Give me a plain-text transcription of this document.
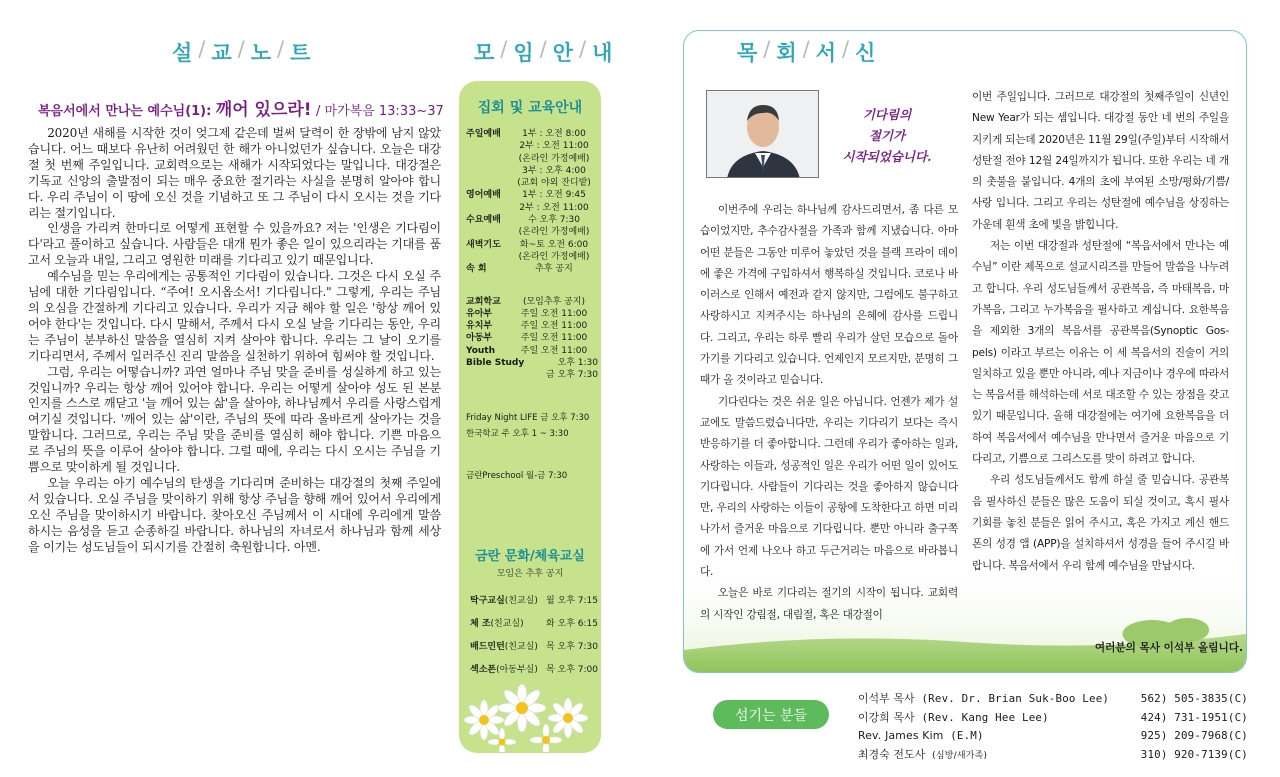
설 / 교 / 노 / 트
복음서에서 만나는 예수님(1): 깨어 있으라! / 마가복음 13:33~37

2020년 새해를 시작한 것이 엊그제 같은데 벌써 달력이 한 장밖에 남지 않았습니다. 어느 때보다 유난히 어려웠던 한 해가 아니었던가 싶습니다. 오늘은 대강절 첫 번째 주일입니다. 교회력으로는 새해가 시작되었다는 말입니다. 대강절은 기독교 신앙의 출발점이 되는 매우 중요한 절기라는 사실을 분명히 알아야 합니다. 우리 주님이 이 땅에 오신 것을 기념하고 또 그 주님이 다시 오시는 것을 기다리는 절기입니다.

인생을 가리켜 한마디로 어떻게 표현할 수 있을까요? 저는 '인생은 기다림이다'라고 풀이하고 싶습니다. 사람들은 대개 뭔가 좋은 일이 있으리라는 기대를 품고서 오늘과 내일, 그리고 영원한 미래를 기다리고 있기 때문입니다.

예수님을 믿는 우리에게는 공통적인 기다림이 있습니다. 그것은 다시 오실 주님에 대한 기다림입니다. “주여! 오시옵소서! 기다립니다." 그렇게, 우리는 주님의 오심을 간절하게 기다리고 있습니다. 우리가 지금 해야 할 일은 '항상 깨어 있어야 한다'는 것입니다. 다시 말해서, 주께서 다시 오실 날을 기다리는 동안, 우리는 주님이 분부하신 말씀을 열심히 지켜 살아야 합니다. 우리는 그 날이 오기를 기다리면서, 주께서 일러주신 진리 말씀을 실천하기 위하여 힘써야 할 것입니다.

그럼, 우리는 어떻습니까? 과연 얼마나 주님 맞을 준비를 성실하게 하고 있는 것입니까? 우리는 항상 깨어 있어야 합니다. 우리는 어떻게 살아야 성도 된 본분인지를 스스로 깨닫고 '늘 깨어 있는 삶'을 살아야, 하나님께서 우리를 사랑스럽게 여기실 것입니다. '깨어 있는 삶'이란, 주님의 뜻에 따라 올바르게 살아가는 것을 말합니다. 그러므로, 우리는 주님 맞을 준비를 열심히 해야 합니다. 기쁜 마음으로 주님의 뜻을 이루어 살아야 합니다. 그럴 때에, 우리는 다시 오시는 주님을 기쁨으로 맞이하게 될 것입니다.

오늘 우리는 아기 예수님의 탄생을 기다리며 준비하는 대강절의 첫째 주일에 서 있습니다. 오실 주님을 맞이하기 위해 항상 주님을 향해 깨어 있어서 우리에게 오신 주님을 맞이하시기 바랍니다. 찾아오신 주님께서 이 시대에 우리에게 말씀하시는 음성을 듣고 순종하길 바랍니다. 하나님의 자녀로서 하나님과 함께 세상을 이기는 성도님들이 되시기를 간절히 축원합니다. 아멘.

모 / 임 / 안 / 내
집회 및 교육안내
주일예배	1부 : 오전 8:00
2부 : 오전 11:00
(온라인 가정예배)
3부 : 오후 4:00
(교회 야외 잔디밭)
영어예배	1부 : 오전 9:45
2부 : 오전 11:00
수요예배	수 오후 7:30
(온라인 가정예배)
새벽기도	화~토 오전 6:00
(온라인 가정예배)
속 회	추후 공지
교회학교	(모임추후 공지)
유아부	주일 오전 11:00
유치부	주일 오전 11:00
아동부	주일 오전 11:00
Youth	주일 오전 11:00
Bible Study	오후 1:30
금 오후 7:30
Friday Night LIFE 금 오후 7:30
한국학교 주 오후 1 ~ 3:30
금란Preschool 월-금 7:30
금란 문화/체육교실
모임은 추후 공지
탁구교실(친교실) 월 오후 7:15
체 조(친교실) 화 오후 6:15
배드민턴(친교실) 목 오후 7:30
섹소폰(아동부실) 목 오후 7:00
목 / 회 / 서 / 신
기다림의
절기가
시작되었습니다.

이번주에 우리는 하나님께 감사드리면서, 좀 다른 모습이었지만, 추수감사절을 가족과 함께 지냈습니다. 아마 어떤 분들은 그동안 미루어 놓았던 것을 블랙 프라이 데이에 좋은 가격에 구입하셔서 행복하실 것입니다. 코로나 바이러스로 인해서 예전과 같지 않지만, 그럼에도 불구하고 사랑하시고 지켜주시는 하나님의 은혜에 감사를 드립니다. 그리고, 우리는 하루 빨리 우리가 살던 모습으로 돌아가기를 기다리고 있습니다. 언제인지 모르지만, 분명히 그때가 올 것이라고 믿습니다.

기다린다는 것은 쉬운 일은 아닙니다. 언젠가 제가 설교에도 말씀드렸습니다만, 우리는 기다리기 보다는 즉시 반응하기를 더 좋아합니다. 그런데 우리가 좋아하는 일과, 사랑하는 이들과, 성공적인 일은 우리가 어떤 일이 있어도 기다립니다. 사람들이 기다리는 것을 좋아하지 않습니다만, 우리의 사랑하는 이들이 공항에 도착한다고 하면 미리 나가서 즐거운 마음으로 기다립니다. 뿐만 아니라 출구쪽에 가서 언제 나오나 하고 두근거리는 마음으로 바라봅니다.

오늘은 바로 기다리는 절기의 시작이 됩니다. 교회력의 시작인 강림절, 대림절, 혹은 대강절이

이번 주일입니다. 그러므로 대강절의 첫째주일이 신년인 New Year가 되는 셈입니다. 대강절 동안 네 번의 주일을 지키게 되는데 2020년은 11월 29일(주일)부터 시작해서 성탄절 전야 12월 24일까지가 됩니다. 또한 우리는 네 개의 촛불을 붙입니다. 4개의 초에 부여된 소망/평화/기쁨/사랑 입니다. 그리고 우리는 성탄절에 예수님을 상징하는 가운데 흰색 초에 빛을 밝힙니다.

저는 이번 대강절과 성탄절에 “복음서에서 만나는 예수님” 이란 제목으로 설교시리즈를 만들어 말씀을 나누려고 합니다. 우리 성도님들께서 공관복음, 즉 마태복음, 마가복음, 그리고 누가복음을 필사하고 계십니다. 요한복음을 제외한 3개의 복음서를 공관복음(Synoptic Gos-pels) 이라고 부르는 이유는 이 세 복음서의 진술이 거의 일치하고 있을 뿐만 아니라, 예나 지금이나 경우에 따라서는 복음서를 해석하는데 서로 대조할 수 있는 장점을 갖고 있기 때문입니다. 올해 대강절에는 여기에 요한복음을 더하여 복음서에서 예수님을 만나면서 즐거운 마음으로 기다리고, 기쁨으로 그리스도를 맞이 하려고 합니다.

우리 성도님들께서도 함께 하실 줄 믿습니다. 공관복음 필사하신 분들은 많은 도움이 되실 것이고, 혹시 필사 기회를 놓친 분들은 읽어 주시고, 혹은 가지고 계신 핸드폰의 성경 앱 (APP)을 설치하셔서 성경을 들어 주시길 바랍니다. 복음서에서 우리 함께 예수님을 만납시다.

여러분의 목사 이석부 올림니다.
섬기는 분들
이석부 목사 (Rev. Dr. Brian Suk-Boo Lee)	562) 505-3835(C)
이강희 목사 (Rev. Kang Hee Lee)	424) 731-1951(C)
Rev. James Kim (E.M)	925) 209-7968(C)
최경숙 전도사 (심방/새가족)	310) 920-7139(C)
